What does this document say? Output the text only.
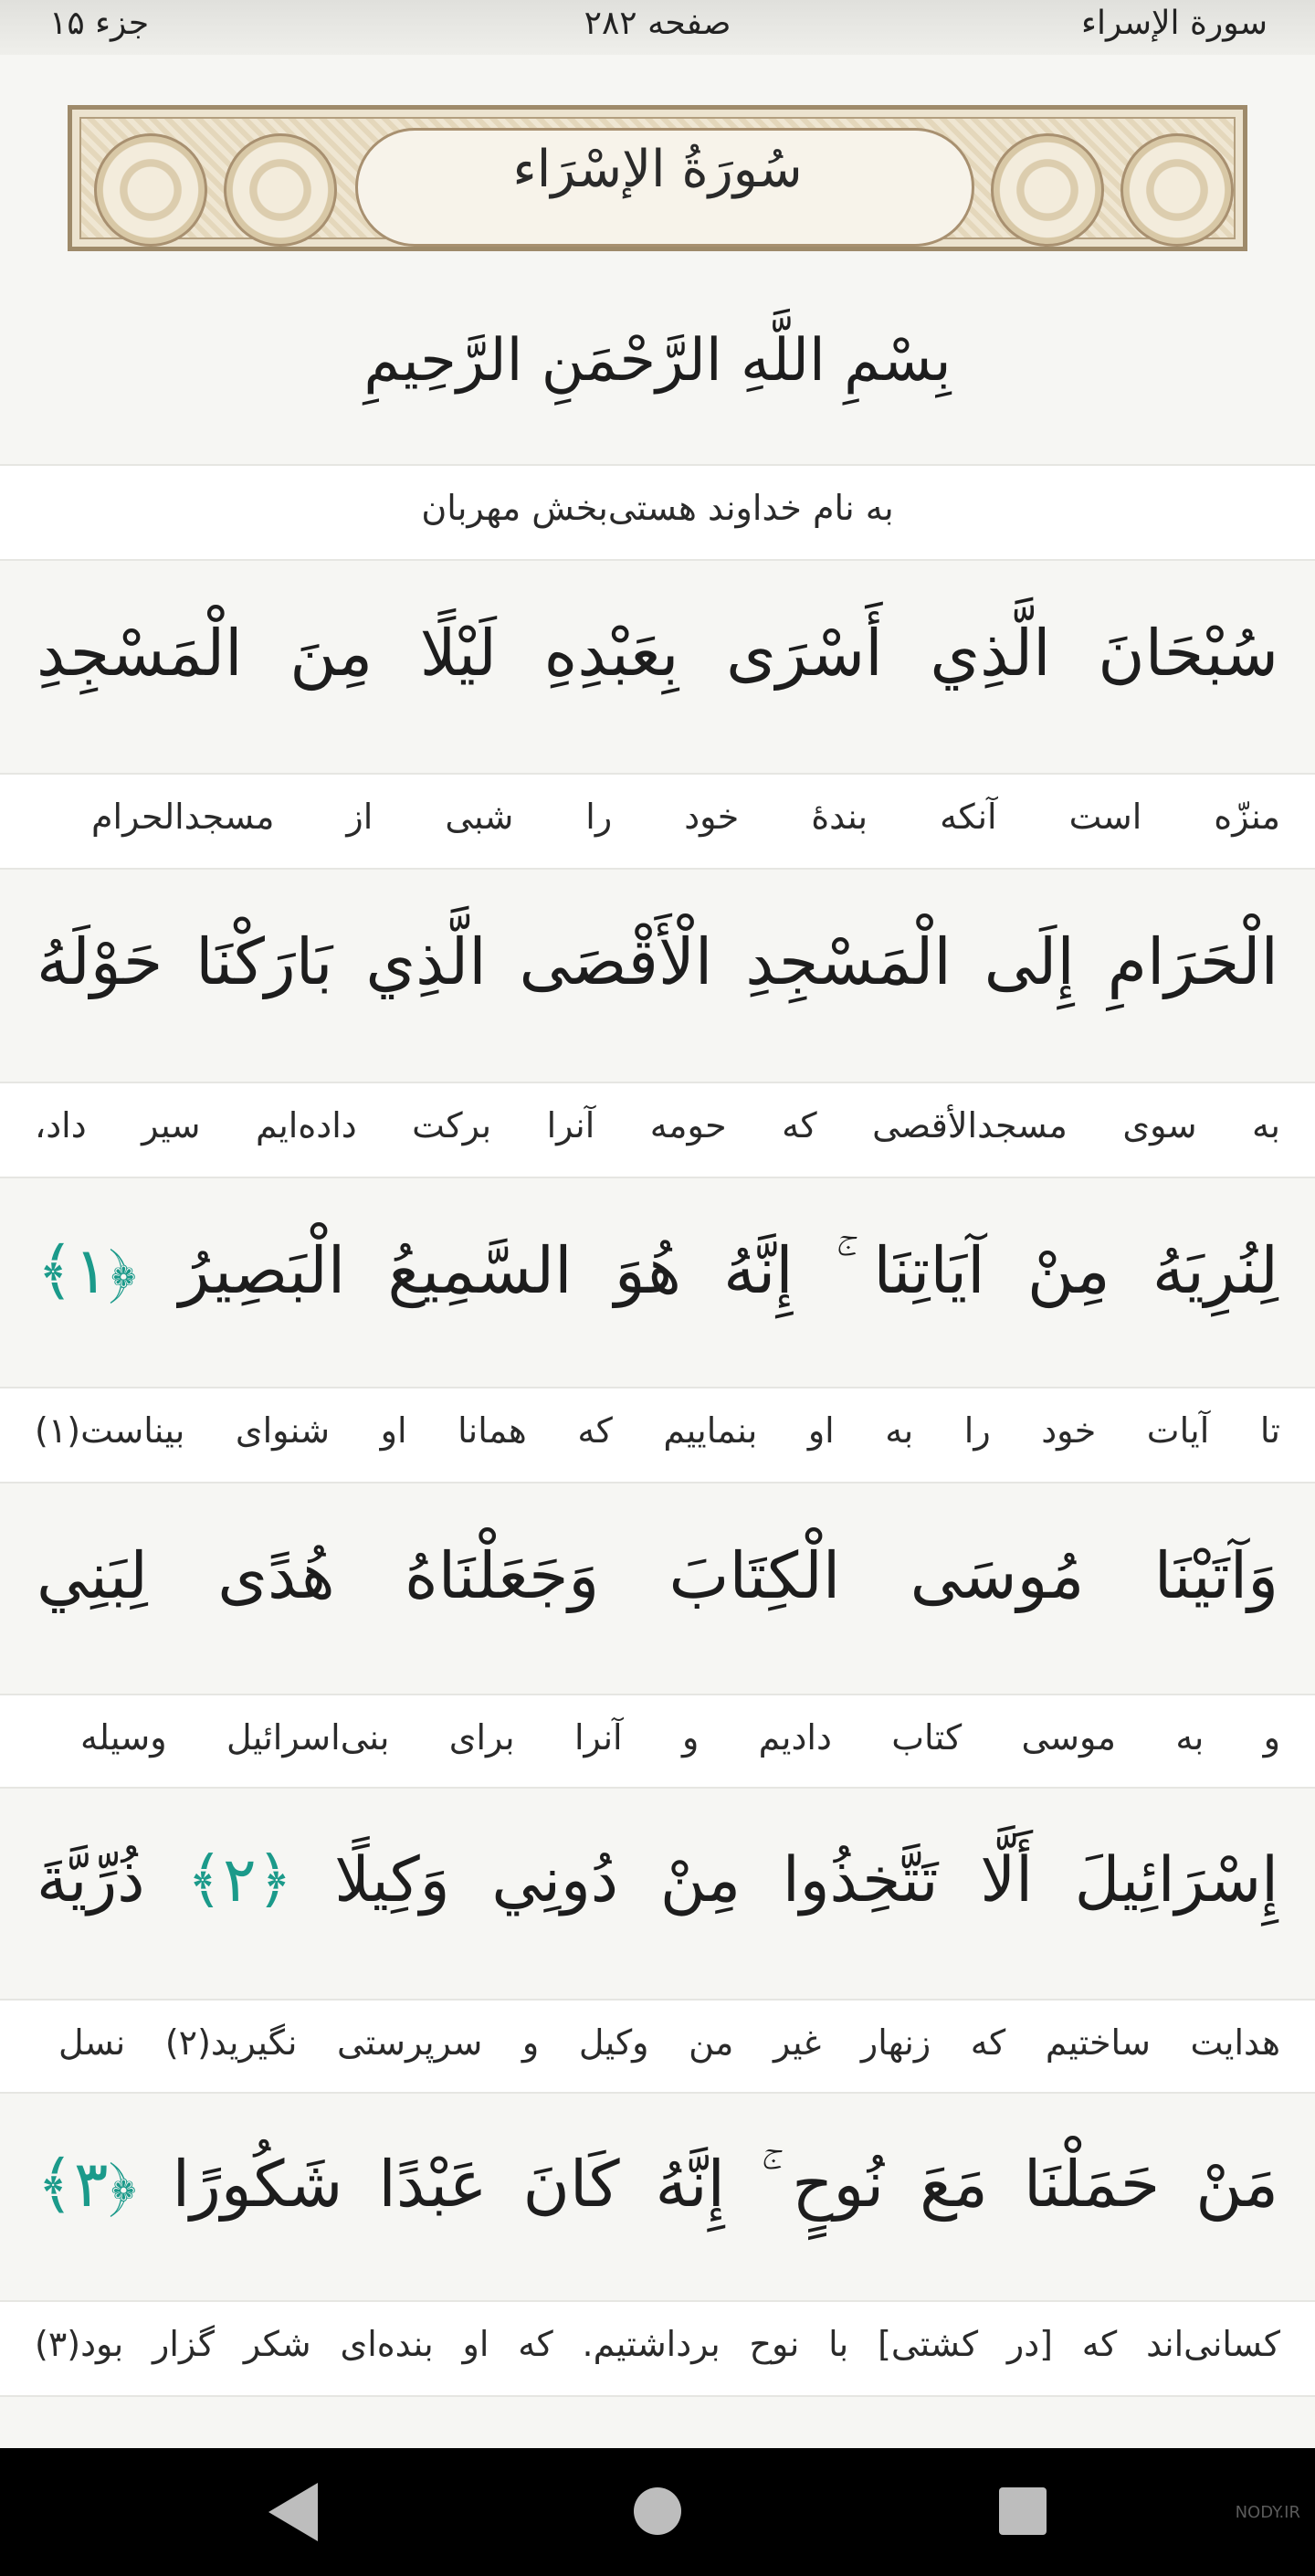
سورة الإسراء
صفحه ۲۸۲
جزء ۱۵
سُورَةُ الإسْرَاء
بِسْمِ اللَّهِ الرَّحْمَنِ الرَّحِيمِ
به نام خداوند هستی‌بخش مهربان
سُبْحَانَ الَّذِي أَسْرَى بِعَبْدِهِ لَيْلًا مِنَ الْمَسْجِدِ
منزّه است آنکه بندهٔ خود را شبی از مسجدالحرام
الْحَرَامِ إِلَى الْمَسْجِدِ الْأَقْصَى الَّذِي بَارَكْنَا حَوْلَهُ
به سوی مسجدالأقصی که حومه آنرا برکت داده‌ایم سیر داد،
لِنُرِيَهُ مِنْ آيَاتِنَا ۚ إِنَّهُ هُوَ السَّمِيعُ الْبَصِيرُ ﴿۱﴾
تا آیات خود را به او بنماییم که همانا او شنوای بیناست(۱)
وَآتَيْنَا مُوسَى الْكِتَابَ وَجَعَلْنَاهُ هُدًى لِبَنِي
و به موسی کتاب دادیم و آنرا برای بنی‌اسرائیل وسیله
إِسْرَائِيلَ أَلَّا تَتَّخِذُوا مِنْ دُونِي وَكِيلًا ﴿۲﴾ ذُرِّيَّةَ
هدایت ساختیم که زنهار غیر من وکیل و سرپرستی نگیرید(۲) نسل
مَنْ حَمَلْنَا مَعَ نُوحٍ ۚ إِنَّهُ كَانَ عَبْدًا شَكُورًا ﴿۳﴾
کسانی‌اند که [در کشتی] با نوح برداشتیم. که او بنده‌ای شکر گزار بود(۳)
NODY.IR
